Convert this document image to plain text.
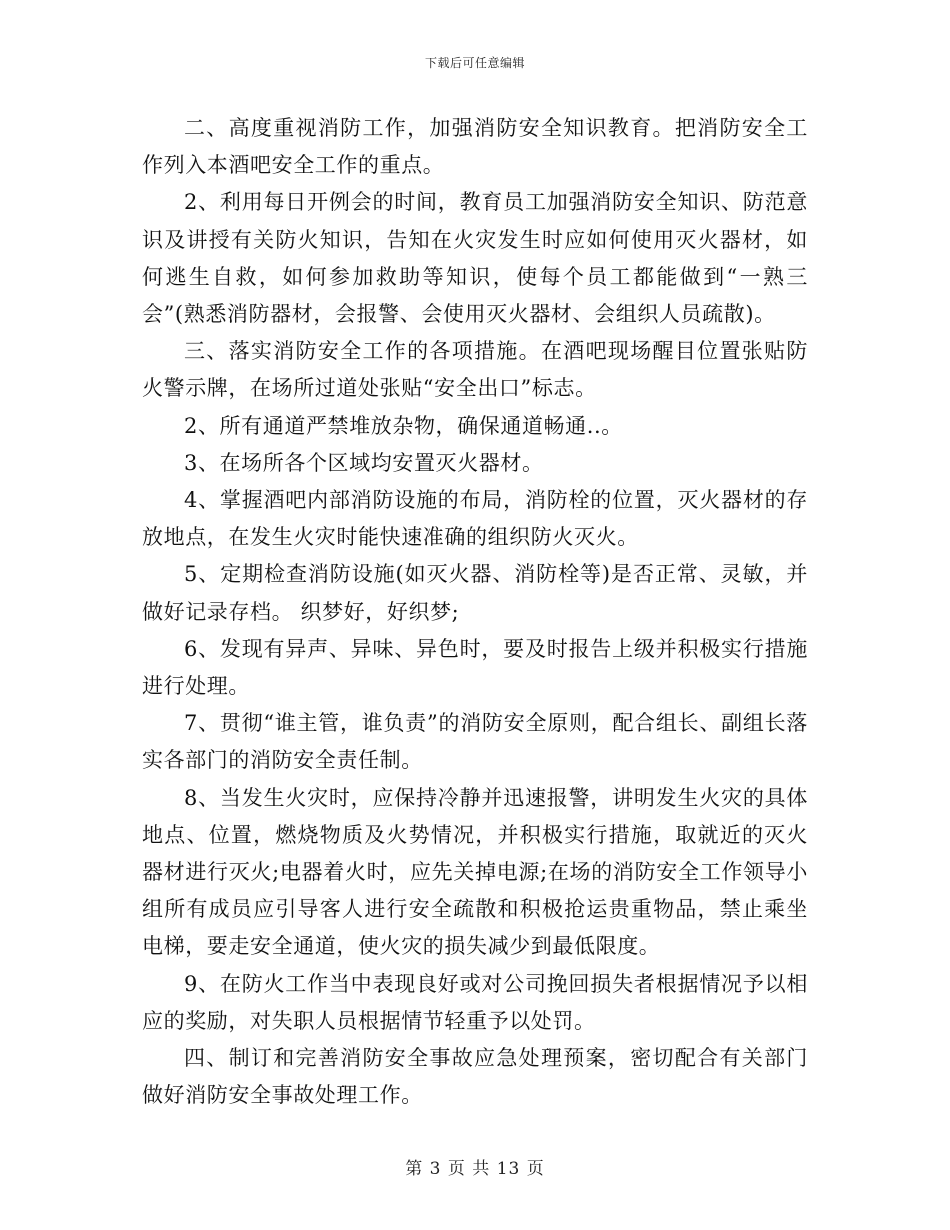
下载后可任意编辑

二、高度重视消防工作，加强消防安全知识教育。把消防安全工作列入本酒吧安全工作的重点。

2、利用每日开例会的时间，教育员工加强消防安全知识、防范意识及讲授有关防火知识，告知在火灾发生时应如何使用灭火器材，如何逃生自救，如何参加救助等知识，使每个员工都能做到“一熟三会”(熟悉消防器材，会报警、会使用灭火器材、会组织人员疏散)。

三、落实消防安全工作的各项措施。在酒吧现场醒目位置张贴防火警示牌，在场所过道处张贴“安全出口”标志。

2、所有通道严禁堆放杂物，确保通道畅通..。

3、在场所各个区域均安置灭火器材。

4、掌握酒吧内部消防设施的布局，消防栓的位置，灭火器材的存放地点，在发生火灾时能快速准确的组织防火灭火。

5、定期检查消防设施(如灭火器、消防栓等)是否正常、灵敏，并做好记录存档。 织梦好，好织梦;

6、发现有异声、异味、异色时，要及时报告上级并积极实行措施进行处理。

7、贯彻“谁主管，谁负责”的消防安全原则，配合组长、副组长落实各部门的消防安全责任制。

8、当发生火灾时，应保持冷静并迅速报警，讲明发生火灾的具体地点、位置，燃烧物质及火势情况，并积极实行措施，取就近的灭火器材进行灭火;电器着火时，应先关掉电源;在场的消防安全工作领导小组所有成员应引导客人进行安全疏散和积极抢运贵重物品，禁止乘坐电梯，要走安全通道，使火灾的损失减少到最低限度。

9、在防火工作当中表现良好或对公司挽回损失者根据情况予以相应的奖励，对失职人员根据情节轻重予以处罚。

四、制订和完善消防安全事故应急处理预案，密切配合有关部门做好消防安全事故处理工作。

第 3 页 共 13 页
